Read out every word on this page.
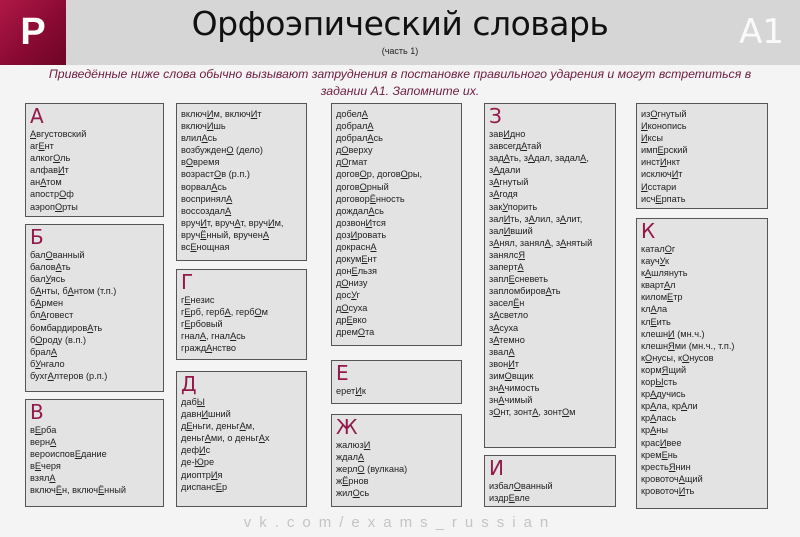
P	Орфоэпический словарь
(часть 1)	A1
Приведённые ниже слова обычно вызывают затруднения в постановке правильного ударения и могут встретиться в
задании А1. Запомните их.
А
Августовский
агЕнт
алкогОль
алфавИт
анАтом
апострОф
аэропОрты
Б
балОванный
баловАть
балУясь
бАнты, бАнтом (т.п.)
бАрмен
блАговест
бомбардировАть
бОроду (в.п.)
бралА
бУнгало
бухгАлтеров (р.п.)
В
вЕрба
вернА
вероисповЕдание
вЕчеря
взялА
включЁн, включЁнный
включИм, включИт
включИшь
влилАсь
возбужденО (дело)
вОвремя
возрастОв (р.п.)
ворвалАсь
воспринялА
воссоздалА
вручИт, вручАт, вручИм,
вручЁнный, врученА
всЕнощная
Г
гЕнезис
гЕрб, гербА, гербОм
гЕрбовый
гналА, гналАсь
граждАнство
Д
дабЫ
давнИшний
дЕньги, деньгАм,
деньгАми, о деньгАх
дефИс
де-Юре
диоптрИя
диспансЕр
добелА
добралА
добралАсь
дОверху
дОгмат
договОр, договОры,
договОрный
договорЁнность
дождалАсь
дозвонИтся
дозИровать
докраснА
докумЕнт
донЕльзя
дОнизу
досУг
дОсуха
дрЕвко
дремОта
Е
еретИк
Ж
жалюзИ
ждалА
жерлО (вулкана)
жЁрнов
жилОсь
З
завИдно
завсегдАтай
задАть, зАдал, задалА,
зАдали
зАгнутый
зАгодя
закУпорить
залИть, зАлил, зАлит,
залИвший
зАнял, занялА, зАнятый
занялсЯ
запертА
заплЕсневеть
запломбировАть
заселЁн
зАсветло
зАсуха
зАтемно
звалА
звонИт
зимОвщик
знАчимость
знАчимый
зОнт, зонтА, зонтОм
И
избалОванный
издрЕвле
изОгнутый
Иконопись
Иксы
импЕрский
инстИнкт
исключИт
Исстари
исчЕрпать
К
каталОг
каучУк
кАшлянуть
квартАл
киломЕтр
клАла
клЕить
клешнИ (мн.ч.)
клешнЯми (мн.ч., т.п.)
кОнусы, кОнусов
кормЯщий
корЫсть
крАдучись
крАла, крАли
крАлась
крАны
красИвее
кремЕнь
крестьЯнин
кровоточАщий
кровоточИть
vk.com/exams_russian
